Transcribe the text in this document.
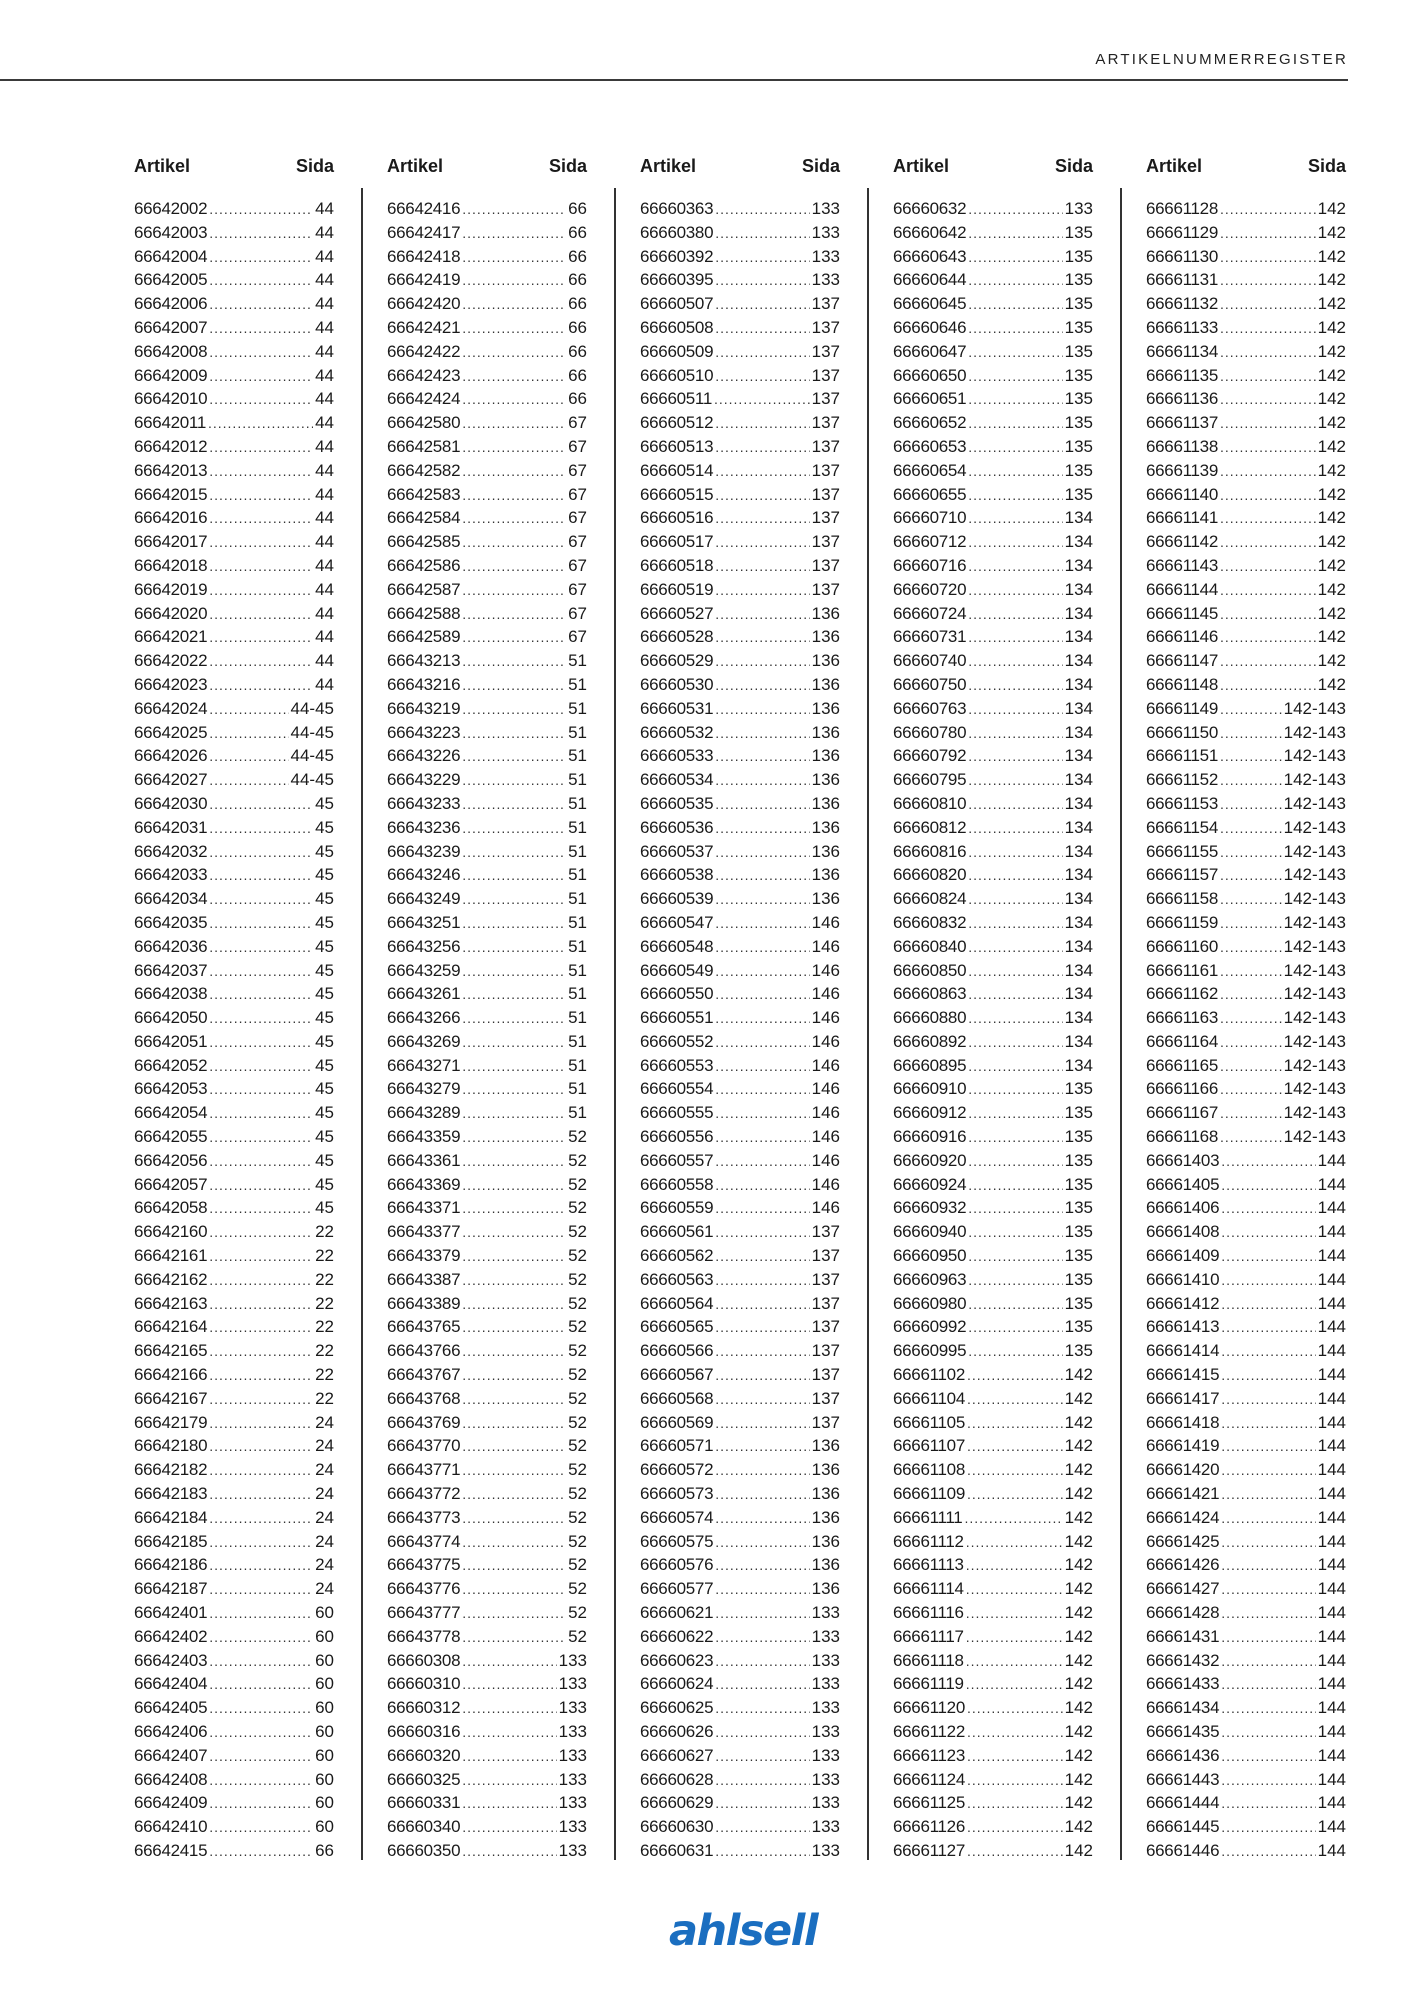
ARTIKELNUMMERREGISTER
Artikel	Sida
66642002 .....	44
66642003 .....	44
66642004 .....	44
66642005 .....	44
66642006 .....	44
66642007 .....	44
66642008 .....	44
66642009 .....	44
66642010 .....	44
66642011 .....	44
66642012 .....	44
66642013 .....	44
66642015 .....	44
66642016 .....	44
66642017 .....	44
66642018 .....	44
66642019 .....	44
66642020 .....	44
66642021 .....	44
66642022 .....	44
66642023 .....	44
66642024 .....	44-45
66642025 .....	44-45
66642026 .....	44-45
66642027 .....	44-45
66642030 .....	45
66642031 .....	45
66642032 .....	45
66642033 .....	45
66642034 .....	45
66642035 .....	45
66642036 .....	45
66642037 .....	45
66642038 .....	45
66642050 .....	45
66642051 .....	45
66642052 .....	45
66642053 .....	45
66642054 .....	45
66642055 .....	45
66642056 .....	45
66642057 .....	45
66642058 .....	45
66642160 .....	22
66642161 .....	22
66642162 .....	22
66642163 .....	22
66642164 .....	22
66642165 .....	22
66642166 .....	22
66642167 .....	22
66642179 .....	24
66642180 .....	24
66642182 .....	24
66642183 .....	24
66642184 .....	24
66642185 .....	24
66642186 .....	24
66642187 .....	24
66642401 .....	60
66642402 .....	60
66642403 .....	60
66642404 .....	60
66642405 .....	60
66642406 .....	60
66642407 .....	60
66642408 .....	60
66642409 .....	60
66642410 .....	60
66642415 .....	66
Artikel	Sida
66642416 .....	66
66642417 .....	66
66642418 .....	66
66642419 .....	66
66642420 .....	66
66642421 .....	66
66642422 .....	66
66642423 .....	66
66642424 .....	66
66642580 .....	67
66642581 .....	67
66642582 .....	67
66642583 .....	67
66642584 .....	67
66642585 .....	67
66642586 .....	67
66642587 .....	67
66642588 .....	67
66642589 .....	67
66643213 .....	51
66643216 .....	51
66643219 .....	51
66643223 .....	51
66643226 .....	51
66643229 .....	51
66643233 .....	51
66643236 .....	51
66643239 .....	51
66643246 .....	51
66643249 .....	51
66643251 .....	51
66643256 .....	51
66643259 .....	51
66643261 .....	51
66643266 .....	51
66643269 .....	51
66643271 .....	51
66643279 .....	51
66643289 .....	51
66643359 .....	52
66643361 .....	52
66643369 .....	52
66643371 .....	52
66643377 .....	52
66643379 .....	52
66643387 .....	52
66643389 .....	52
66643765 .....	52
66643766 .....	52
66643767 .....	52
66643768 .....	52
66643769 .....	52
66643770 .....	52
66643771 .....	52
66643772 .....	52
66643773 .....	52
66643774 .....	52
66643775 .....	52
66643776 .....	52
66643777 .....	52
66643778 .....	52
66660308 .....	133
66660310 .....	133
66660312 .....	133
66660316 .....	133
66660320 .....	133
66660325 .....	133
66660331 .....	133
66660340 .....	133
66660350 .....	133
Artikel	Sida
66660363 .....	133
66660380 .....	133
66660392 .....	133
66660395 .....	133
66660507 .....	137
66660508 .....	137
66660509 .....	137
66660510 .....	137
66660511 .....	137
66660512 .....	137
66660513 .....	137
66660514 .....	137
66660515 .....	137
66660516 .....	137
66660517 .....	137
66660518 .....	137
66660519 .....	137
66660527 .....	136
66660528 .....	136
66660529 .....	136
66660530 .....	136
66660531 .....	136
66660532 .....	136
66660533 .....	136
66660534 .....	136
66660535 .....	136
66660536 .....	136
66660537 .....	136
66660538 .....	136
66660539 .....	136
66660547 .....	146
66660548 .....	146
66660549 .....	146
66660550 .....	146
66660551 .....	146
66660552 .....	146
66660553 .....	146
66660554 .....	146
66660555 .....	146
66660556 .....	146
66660557 .....	146
66660558 .....	146
66660559 .....	146
66660561 .....	137
66660562 .....	137
66660563 .....	137
66660564 .....	137
66660565 .....	137
66660566 .....	137
66660567 .....	137
66660568 .....	137
66660569 .....	137
66660571 .....	136
66660572 .....	136
66660573 .....	136
66660574 .....	136
66660575 .....	136
66660576 .....	136
66660577 .....	136
66660621 .....	133
66660622 .....	133
66660623 .....	133
66660624 .....	133
66660625 .....	133
66660626 .....	133
66660627 .....	133
66660628 .....	133
66660629 .....	133
66660630 .....	133
66660631 .....	133
Artikel	Sida
66660632 .....	133
66660642 .....	135
66660643 .....	135
66660644 .....	135
66660645 .....	135
66660646 .....	135
66660647 .....	135
66660650 .....	135
66660651 .....	135
66660652 .....	135
66660653 .....	135
66660654 .....	135
66660655 .....	135
66660710 .....	134
66660712 .....	134
66660716 .....	134
66660720 .....	134
66660724 .....	134
66660731 .....	134
66660740 .....	134
66660750 .....	134
66660763 .....	134
66660780 .....	134
66660792 .....	134
66660795 .....	134
66660810 .....	134
66660812 .....	134
66660816 .....	134
66660820 .....	134
66660824 .....	134
66660832 .....	134
66660840 .....	134
66660850 .....	134
66660863 .....	134
66660880 .....	134
66660892 .....	134
66660895 .....	134
66660910 .....	135
66660912 .....	135
66660916 .....	135
66660920 .....	135
66660924 .....	135
66660932 .....	135
66660940 .....	135
66660950 .....	135
66660963 .....	135
66660980 .....	135
66660992 .....	135
66660995 .....	135
66661102 .....	142
66661104 .....	142
66661105 .....	142
66661107 .....	142
66661108 .....	142
66661109 .....	142
66661111 .....	142
66661112 .....	142
66661113 .....	142
66661114 .....	142
66661116 .....	142
66661117 .....	142
66661118 .....	142
66661119 .....	142
66661120 .....	142
66661122 .....	142
66661123 .....	142
66661124 .....	142
66661125 .....	142
66661126 .....	142
66661127 .....	142
Artikel	Sida
66661128 .....	142
66661129 .....	142
66661130 .....	142
66661131 .....	142
66661132 .....	142
66661133 .....	142
66661134 .....	142
66661135 .....	142
66661136 .....	142
66661137 .....	142
66661138 .....	142
66661139 .....	142
66661140 .....	142
66661141 .....	142
66661142 .....	142
66661143 .....	142
66661144 .....	142
66661145 .....	142
66661146 .....	142
66661147 .....	142
66661148 .....	142
66661149 .....	142-143
66661150 .....	142-143
66661151 .....	142-143
66661152 .....	142-143
66661153 .....	142-143
66661154 .....	142-143
66661155 .....	142-143
66661157 .....	142-143
66661158 .....	142-143
66661159 .....	142-143
66661160 .....	142-143
66661161 .....	142-143
66661162 .....	142-143
66661163 .....	142-143
66661164 .....	142-143
66661165 .....	142-143
66661166 .....	142-143
66661167 .....	142-143
66661168 .....	142-143
66661403 .....	144
66661405 .....	144
66661406 .....	144
66661408 .....	144
66661409 .....	144
66661410 .....	144
66661412 .....	144
66661413 .....	144
66661414 .....	144
66661415 .....	144
66661417 .....	144
66661418 .....	144
66661419 .....	144
66661420 .....	144
66661421 .....	144
66661424 .....	144
66661425 .....	144
66661426 .....	144
66661427 .....	144
66661428 .....	144
66661431 .....	144
66661432 .....	144
66661433 .....	144
66661434 .....	144
66661435 .....	144
66661436 .....	144
66661443 .....	144
66661444 .....	144
66661445 .....	144
66661446 .....	144
ahlsell
